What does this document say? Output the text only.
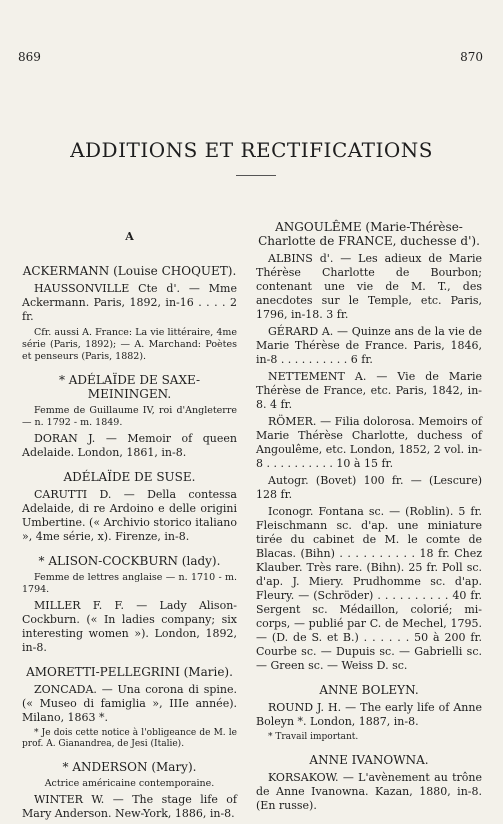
869	870
ADDITIONS ET RECTIFICATIONS
A
ACKERMANN (Louise CHOQUET).

HAUSSONVILLE Cte d'. — Mme Ackermann. Paris, 1892, in-16 . . . . 2 fr.

Cfr. aussi A. France: La vie littéraire, 4me série (Paris, 1892); — A. Marchand: Poètes et penseurs (Paris, 1882).

* ADÉLAÏDE DE SAXE-MEININGEN.

Femme de Guillaume IV, roi d'Angleterre — n. 1792 - m. 1849.

DORAN J. — Memoir of queen Adelaide. London, 1861, in-8.

ADÉLAÏDE DE SUSE.

CARUTTI D. — Della contessa Adelaide, di re Ardoino e delle origini Umbertine. (« Archivio storico italiano », 4me série, x). Firenze, in-8.

* ALISON-COCKBURN (lady).

Femme de lettres anglaise — n. 1710 - m. 1794.

MILLER F. F. — Lady Alison-Cockburn. (« In ladies company; six interesting women »). London, 1892, in-8.

AMORETTI-PELLEGRINI (Marie).

ZONCADA. — Una corona di spine. (« Museo di famiglia », IIIe année). Milano, 1863 *.

* Je dois cette notice à l'obligeance de M. le prof. A. Gianandrea, de Jesi (Italie).

* ANDERSON (Mary).

Actrice américaine contemporaine.

WINTER W. — The stage life of Mary Anderson. New-York, 1886, in-8.

ANGOULÊME (Marie-Thérèse-Charlotte de FRANCE, duchesse d').

ALBINS d'. — Les adieux de Marie Thérèse Charlotte de Bourbon; contenant une vie de M. T., des anecdotes sur le Temple, etc. Paris, 1796, in-18. 3 fr.

GÉRARD A. — Quinze ans de la vie de Marie Thérèse de France. Paris, 1846, in-8 . . . . . . . . . . 6 fr.

NETTEMENT A. — Vie de Marie Thérèse de France, etc. Paris, 1842, in-8. 4 fr.

RÖMER. — Filia dolorosa. Memoirs of Marie Thérèse Charlotte, duchess of Angoulême, etc. London, 1852, 2 vol. in-8 . . . . . . . . . . 10 à 15 fr.

Autogr. (Bovet) 100 fr. — (Lescure) 128 fr.

Iconogr. Fontana sc. — (Roblin). 5 fr. Fleischmann sc. d'ap. une miniature tirée du cabinet de M. le comte de Blacas. (Bihn) . . . . . . . . . . 18 fr. Chez Klauber. Très rare. (Bihn). 25 fr. Poll sc. d'ap. J. Miery. Prudhomme sc. d'ap. Fleury. — (Schröder) . . . . . . . . . . 40 fr. Sergent sc. Médaillon, colorié; mi-corps, — publié par C. de Mechel, 1795. — (D. de S. et B.) . . . . . . 50 à 200 fr. Courbe sc. — Dupuis sc. — Gabrielli sc. — Green sc. — Weiss D. sc.

ANNE BOLEYN.

ROUND J. H. — The early life of Anne Boleyn *. London, 1887, in-8.

* Travail important.

ANNE IVANOWNA.

KORSAKOW. — L'avènement au trône de Anne Ivanowna. Kazan, 1880, in-8. (En russe).
